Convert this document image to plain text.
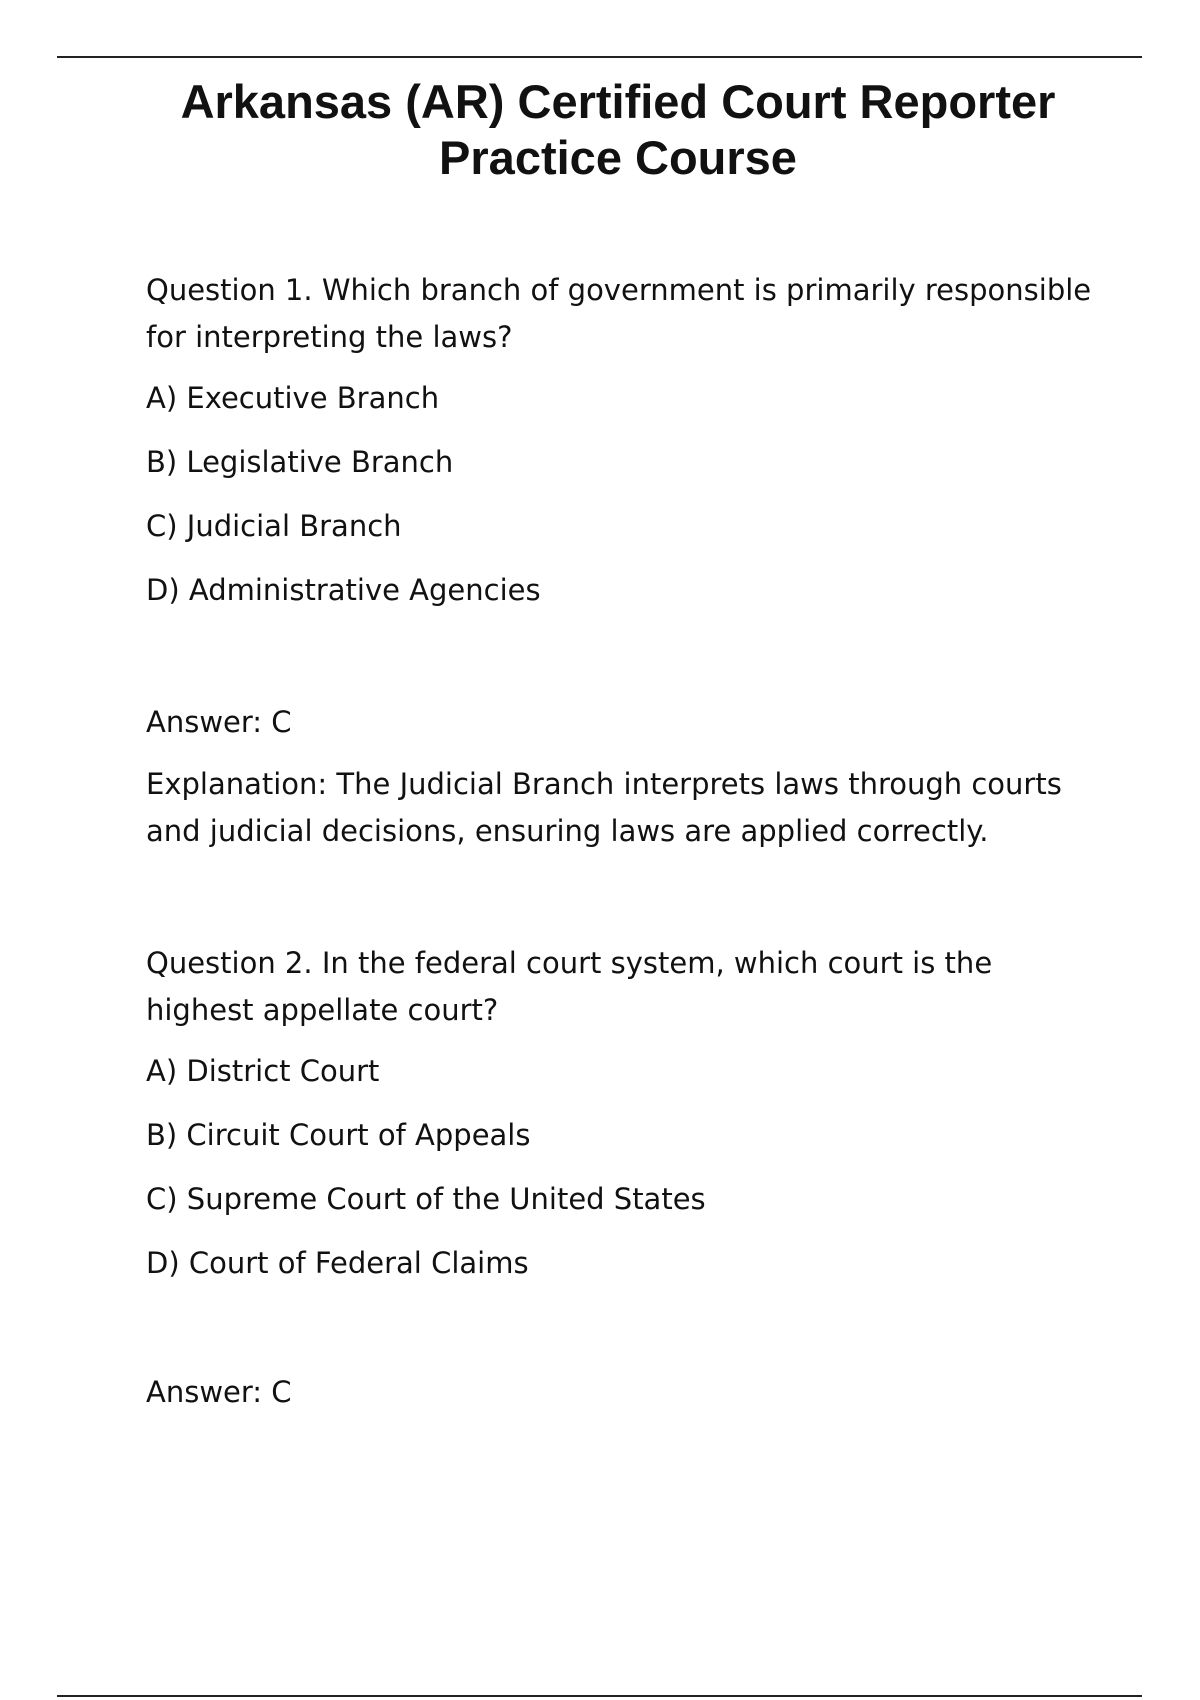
Arkansas (AR) Certified Court Reporter
Practice Course

Question 1. Which branch of government is primarily responsible for interpreting the laws?

A) Executive Branch

B) Legislative Branch

C) Judicial Branch

D) Administrative Agencies

Answer: C

Explanation: The Judicial Branch interprets laws through courts and judicial decisions, ensuring laws are applied correctly.

Question 2. In the federal court system, which court is the highest appellate court?

A) District Court

B) Circuit Court of Appeals

C) Supreme Court of the United States

D) Court of Federal Claims

Answer: C
